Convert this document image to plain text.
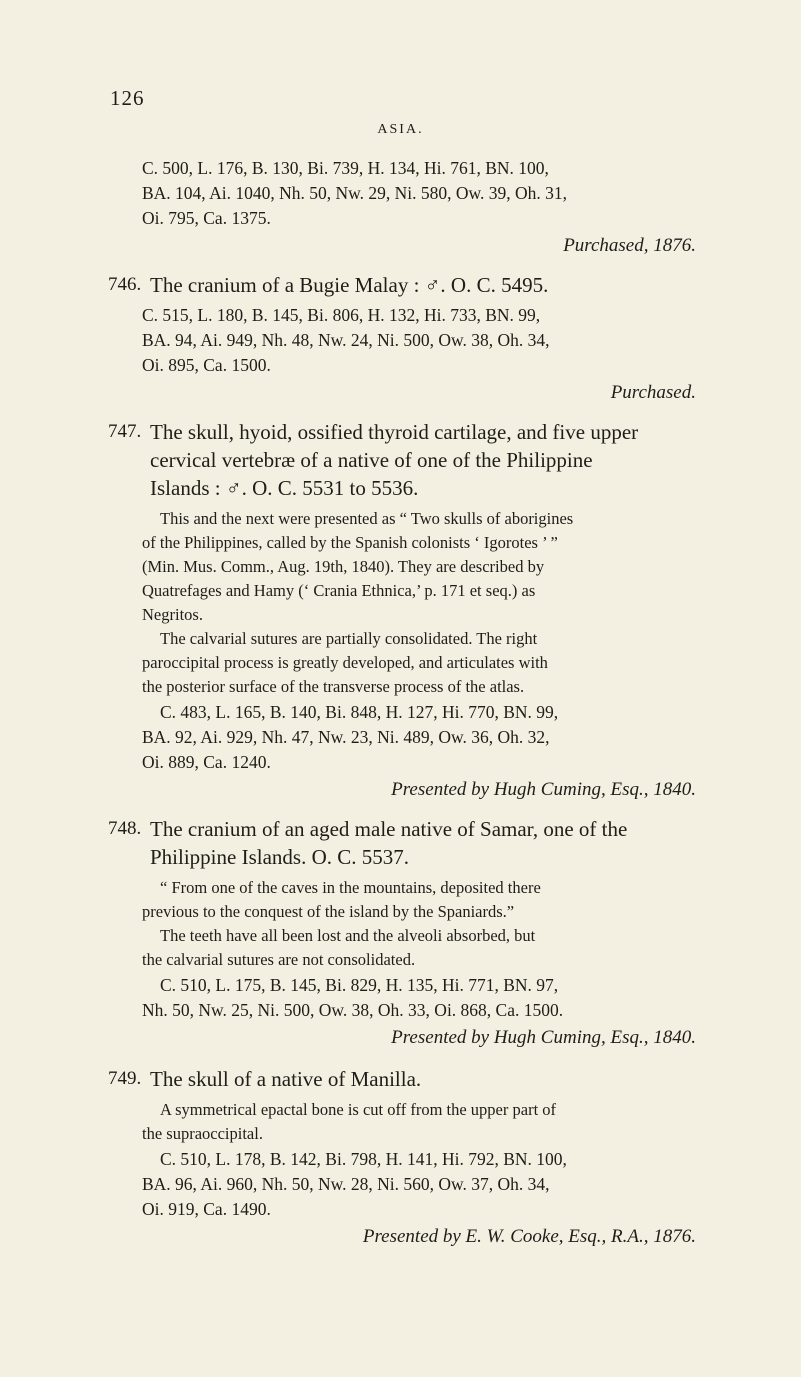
126
ASIA.
C. 500, L. 176, B. 130, Bi. 739, H. 134, Hi. 761, BN. 100,
BA. 104, Ai. 1040, Nh. 50, Nw. 29, Ni. 580, Ow. 39, Oh. 31,
Oi. 795, Ca. 1375.
Purchased, 1876.
746. The cranium of a Bugie Malay : ♂. O. C. 5495.
C. 515, L. 180, B. 145, Bi. 806, H. 132, Hi. 733, BN. 99,
BA. 94, Ai. 949, Nh. 48, Nw. 24, Ni. 500, Ow. 38, Oh. 34,
Oi. 895, Ca. 1500.
Purchased.
747. The skull, hyoid, ossified thyroid cartilage, and five upper
cervical vertebræ of a native of one of the Philippine
Islands : ♂. O. C. 5531 to 5536.
This and the next were presented as “ Two skulls of aborigines
of the Philippines, called by the Spanish colonists ‘ Igorotes ’ ”
(Min. Mus. Comm., Aug. 19th, 1840). They are described by
Quatrefages and Hamy (‘ Crania Ethnica,’ p. 171 et seq.) as
Negritos.
The calvarial sutures are partially consolidated. The right
paroccipital process is greatly developed, and articulates with
the posterior surface of the transverse process of the atlas.
C. 483, L. 165, B. 140, Bi. 848, H. 127, Hi. 770, BN. 99,
BA. 92, Ai. 929, Nh. 47, Nw. 23, Ni. 489, Ow. 36, Oh. 32,
Oi. 889, Ca. 1240.
Presented by Hugh Cuming, Esq., 1840.
748. The cranium of an aged male native of Samar, one of the
Philippine Islands. O. C. 5537.
“ From one of the caves in the mountains, deposited there
previous to the conquest of the island by the Spaniards.”
The teeth have all been lost and the alveoli absorbed, but
the calvarial sutures are not consolidated.
C. 510, L. 175, B. 145, Bi. 829, H. 135, Hi. 771, BN. 97,
Nh. 50, Nw. 25, Ni. 500, Ow. 38, Oh. 33, Oi. 868, Ca. 1500.
Presented by Hugh Cuming, Esq., 1840.
749. The skull of a native of Manilla.
A symmetrical epactal bone is cut off from the upper part of
the supraoccipital.
C. 510, L. 178, B. 142, Bi. 798, H. 141, Hi. 792, BN. 100,
BA. 96, Ai. 960, Nh. 50, Nw. 28, Ni. 560, Ow. 37, Oh. 34,
Oi. 919, Ca. 1490.
Presented by E. W. Cooke, Esq., R.A., 1876.
